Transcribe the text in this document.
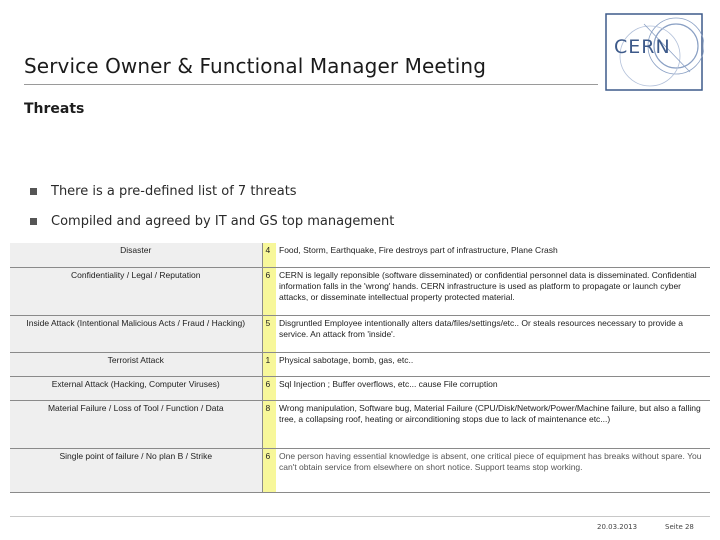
Service Owner & Functional Manager Meeting
CERN
Threats
There is a pre-defined list of 7 threats
Compiled and agreed by IT and GS top management
Disaster	4	Food, Storm, Earthquake, Fire destroys part of infrastructure, Plane Crash
Confidentiality / Legal / Reputation	6	CERN is legally reponsible (software disseminated) or confidential personnel data is disseminated. Confidential information falls in the 'wrong' hands. CERN infrastructure is used as platform to propagate or launch cyber attacks, or disseminate intellectual property protected material.
Inside Attack (Intentional Malicious Acts / Fraud / Hacking)	5	Disgruntled Employee intentionally alters data/files/settings/etc.. Or steals resources necessary to provide a service. An attack from 'inside'.
Terrorist Attack	1	Physical sabotage, bomb, gas, etc..
External Attack (Hacking, Computer Viruses)	6	Sql Injection ; Buffer overflows, etc... cause File corruption
Material Failure / Loss of Tool / Function / Data	8	Wrong manipulation, Software bug, Material Failure (CPU/Disk/Network/Power/Machine failure, but also a falling tree, a collapsing roof, heating or airconditioning stops due to lack of maintenance etc...)
Single point of failure / No plan B / Strike	6	One person having essential knowledge is absent, one critical piece of equipment has breaks without spare. You can't obtain service from elsewhere on short notice. Support teams stop working.
20.03.2013	Seite 28
